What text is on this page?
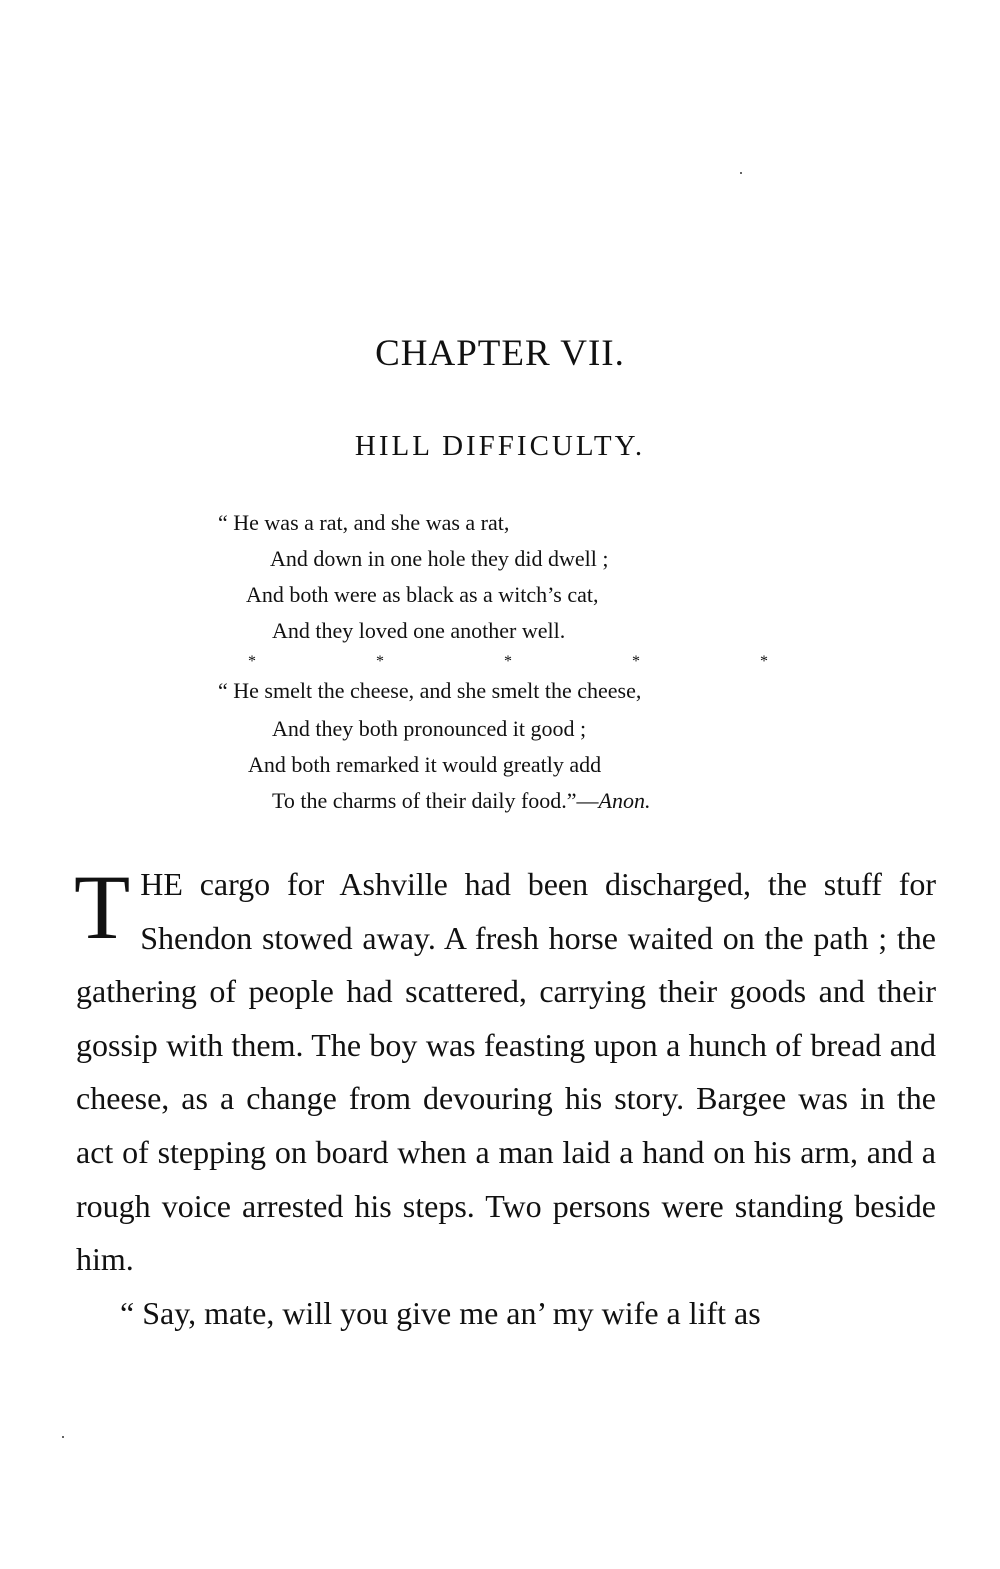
CHAPTER VII.
HILL DIFFICULTY.
“ He was a rat, and she was a rat,
And down in one hole they did dwell ;
And both were as black as a witch’s cat,
And they loved one another well.
*	*	*	*	*
“ He smelt the cheese, and she smelt the cheese,
And they both pronounced it good ;
And both remarked it would greatly add
To the charms of their daily food.”—Anon.

THE cargo for Ashville had been discharged, the stuff for Shendon stowed away. A fresh horse waited on the path ; the gathering of people had scattered, carrying their goods and their gossip with them. The boy was feasting upon a hunch of bread and cheese, as a change from devouring his story. Bargee was in the act of stepping on board when a man laid a hand on his arm, and a rough voice arrested his steps. Two persons were standing beside him.

“ Say, mate, will you give me an’ my wife a lift as
